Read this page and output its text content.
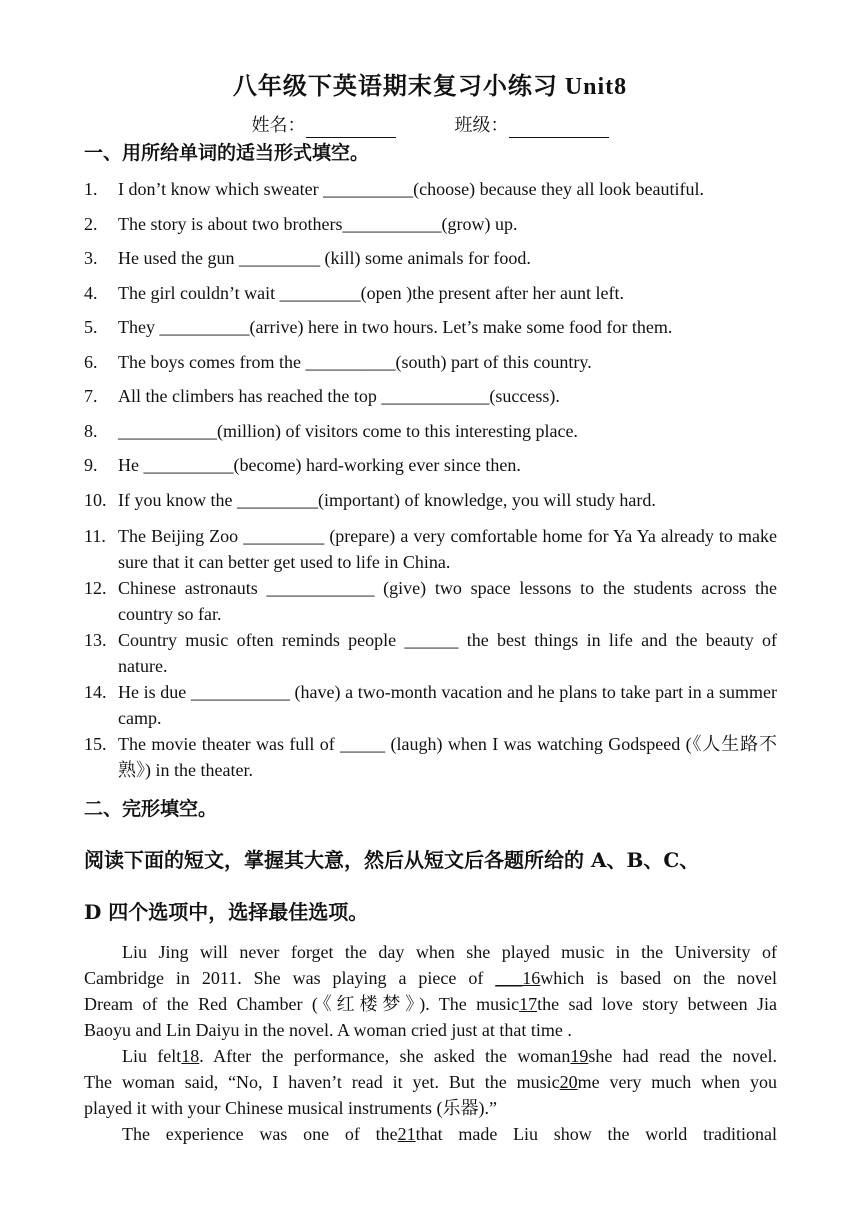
八年级下英语期末复习小练习 Unit8
姓名：	班级：
一、用所给单词的适当形式填空。
1.	I don’t know which sweater __________(choose) because they all look beautiful.
2.	The story is about two brothers___________(grow) up.
3.	He used the gun _________ (kill) some animals for food.
4.	The girl couldn’t wait _________(open )the present after her aunt left.
5.	They __________(arrive) here in two hours. Let’s make some food for them.
6.	The boys comes from the __________(south) part of this country.
7.	All the climbers has reached the top ____________(success).
8.	___________(million) of visitors come to this interesting place.
9.	He __________(become) hard-working ever since then.
10. If you know the _________(important) of knowledge, you will study hard.
11. The Beijing Zoo _________ (prepare) a very comfortable home for Ya Ya already to make sure that it can better get used to life in China.
12. Chinese astronauts ____________ (give) two space lessons to the students across the country so far.
13. Country music often reminds people ______ the best things in life and the beauty of nature.
14. He is due ___________ (have) a two-month vacation and he plans to take part in a summer camp.
15. The movie theater was full of _____ (laugh) when I was watching Godspeed (《人生路不熟》) in the theater.
二、完形填空。
阅读下面的短文，掌握其大意，然后从短文后各题所给的 A、B、C、
D 四个选项中，选择最佳选项。
Liu Jing will never forget the day when she played music in the University of
Cambridge in 2011. She was playing a piece of ___16which is based on the novel
Dream of the Red Chamber (《红楼梦》). The music17the sad love story between Jia
Baoyu and Lin Daiyu in the novel. A woman cried just at that time .
Liu felt18. After the performance, she asked the woman19she had read the novel.
The woman said, “No, I haven’t read it yet. But the music20me very much when you
played it with your Chinese musical instruments (乐器).”
The experience was one of the21that made Liu show the world traditional
